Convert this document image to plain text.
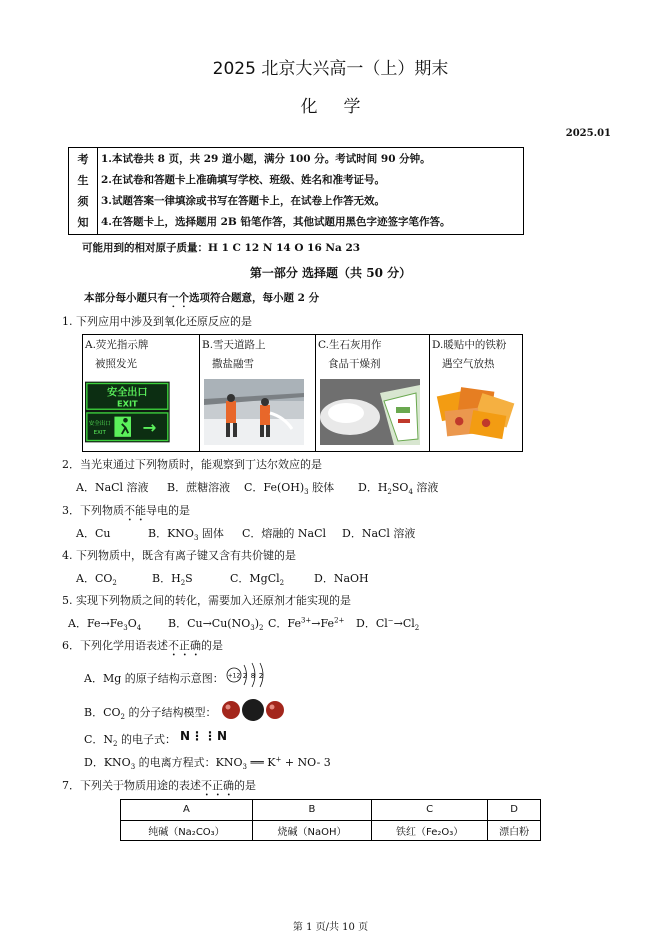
2025 北京大兴高一（上）期末
化学
2025.01
考
生
须
知
1.本试卷共 8 页，共 29 道小题，满分 100 分。考试时间 90 分钟。
2.在试卷和答题卡上准确填写学校、班级、姓名和准考证号。
3.试题答案一律填涂或书写在答题卡上，在试卷上作答无效。
4.在答题卡上，选择题用 2B 铅笔作答，其他试题用黑色字迹签字笔作答。
可能用到的相对原子质量：H 1 C 12 N 14 O 16 Na 23
第一部分 选择题（共 50 分）
本部分每小题只有一个选项符合题意，每小题 2 分
1. 下列应用中涉及到氧化还原反应的是
A.荧光指示牌
被照发光
安全出口
EXIT
安全出口
EXIT →
B.雪天道路上
撒盐融雪
C.生石灰用作
食品干燥剂
D.暖贴中的铁粉
遇空气放热
2．当光束通过下列物质时，能观察到丁达尔效应的是
A．NaCl 溶液 B．蔗糖溶液 C．$Fe(OH)_3$ 胶体 D．$H_2SO_4$ 溶液
3．下列物质不能导电的是
A．Cu	B．$KNO_3$ 固体 C．熔融的 NaCl D．NaCl 溶液
4. 下列物质中，既含有离子键又含有共价键的是
A．$CO_2$	B．$H_2S$	C．MgCl$_2$	D．NaOH
5. 实现下列物质之间的转化，需要加入还原剂才能实现的是
A．$Fe\to Fe_3O_4$ B．$Cu\to Cu(NO_3)_2$ C．$Fe^{3+}\to Fe^{2+}$ D．$Cl^-\to Cl_2$
6．下列化学用语表述不正确的是
A．Mg 的原子结构示意图： +12 2 8 2
B．$CO_2$ 的分子结构模型：
C．$N_2$ 的电子式： N⋮⋮N
D．$KNO_3$ 的电离方程式：$KNO_3$ ══ K+ + NO- 3
7．下列关于物质用途的表述不正确的是
A	B	C	D
纯碱（Na₂CO₃）	烧碱（NaOH）	铁红（Fe₂O₃）	漂白粉
第 1 页/共 10 页
